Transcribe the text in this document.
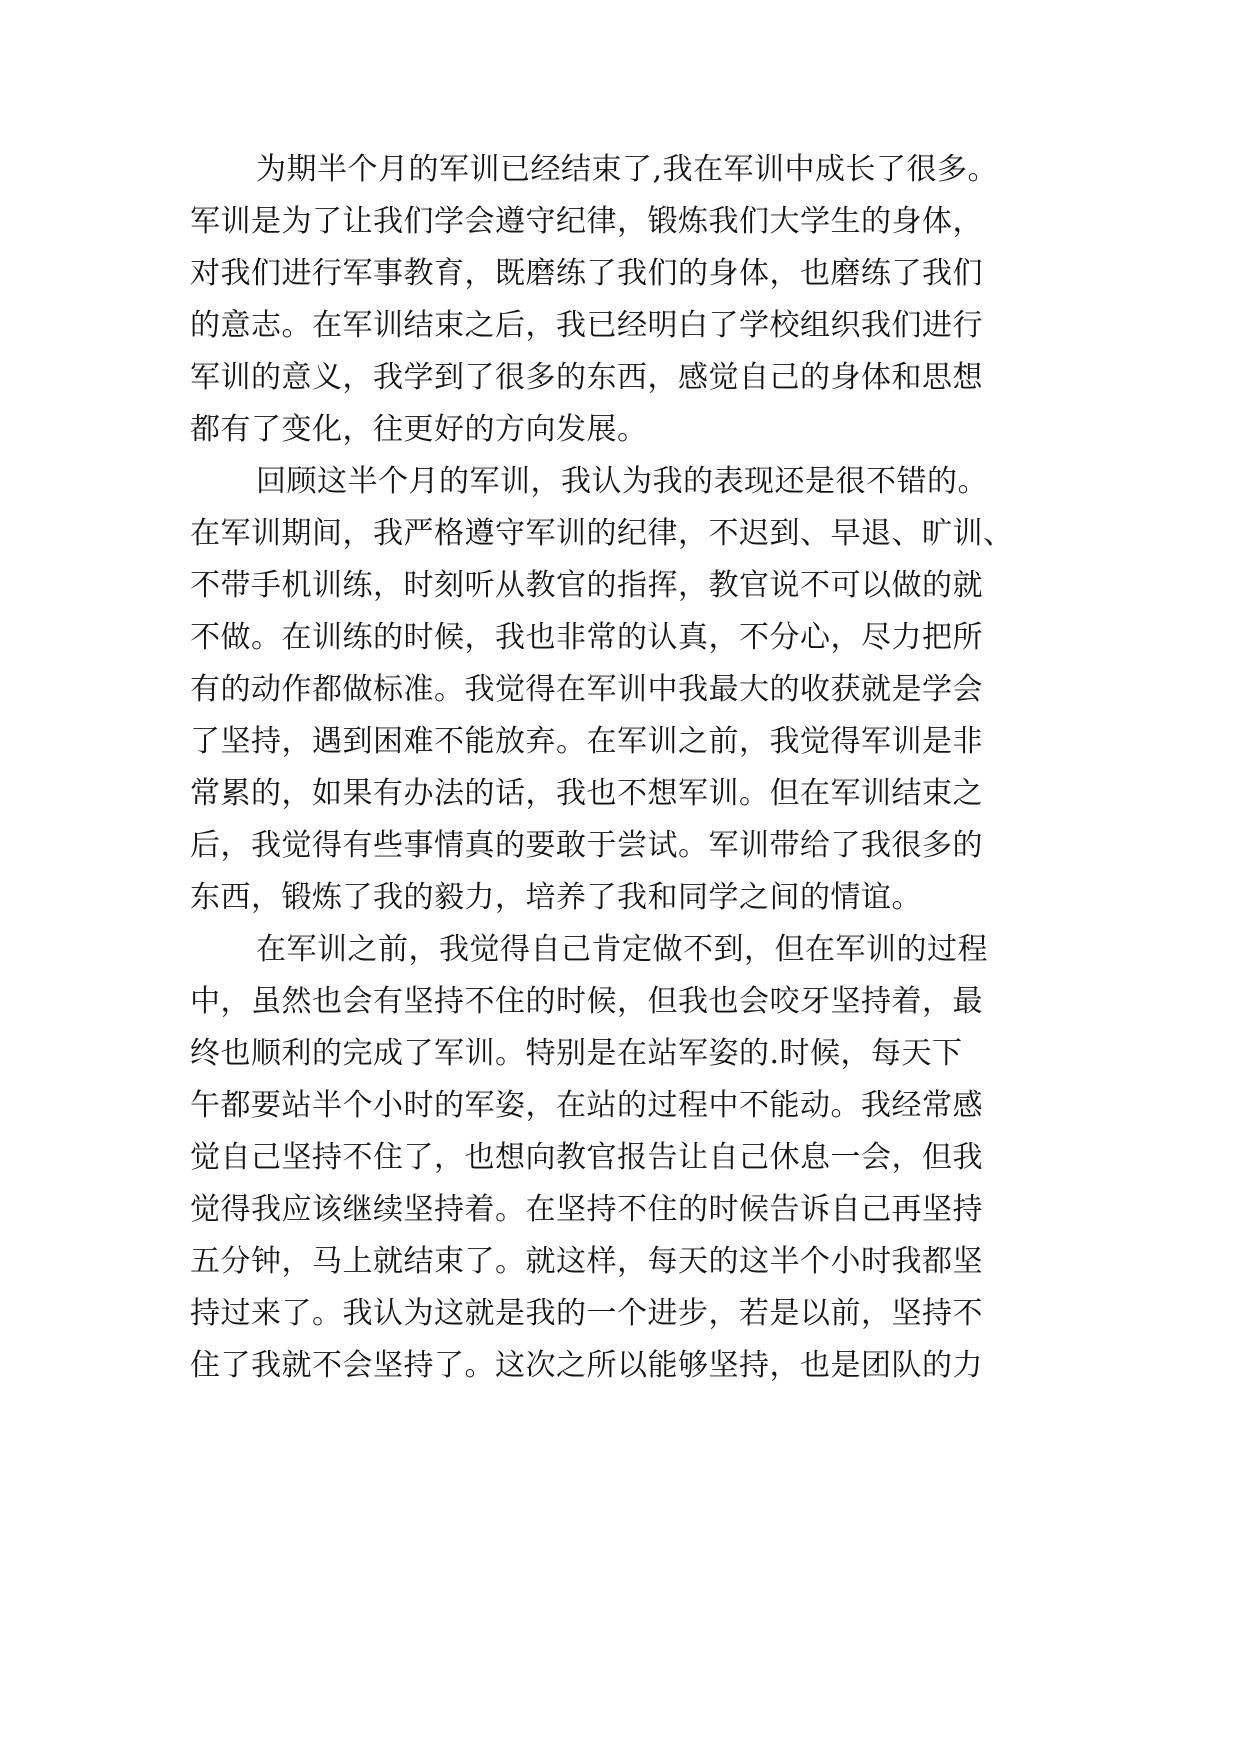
为期半个月的军训已经结束了,我在军训中成长了很多。
军训是为了让我们学会遵守纪律，锻炼我们大学生的身体，
对我们进行军事教育，既磨练了我们的身体，也磨练了我们
的意志。在军训结束之后，我已经明白了学校组织我们进行
军训的意义，我学到了很多的东西，感觉自己的身体和思想
都有了变化，往更好的方向发展。
回顾这半个月的军训，我认为我的表现还是很不错的。
在军训期间，我严格遵守军训的纪律，不迟到、早退、旷训、
不带手机训练，时刻听从教官的指挥，教官说不可以做的就
不做。在训练的时候，我也非常的认真，不分心，尽力把所
有的动作都做标准。我觉得在军训中我最大的收获就是学会
了坚持，遇到困难不能放弃。在军训之前，我觉得军训是非
常累的，如果有办法的话，我也不想军训。但在军训结束之
后，我觉得有些事情真的要敢于尝试。军训带给了我很多的
东西，锻炼了我的毅力，培养了我和同学之间的情谊。
在军训之前，我觉得自己肯定做不到，但在军训的过程
中，虽然也会有坚持不住的时候，但我也会咬牙坚持着，最
终也顺利的完成了军训。特别是在站军姿的.时候，每天下
午都要站半个小时的军姿，在站的过程中不能动。我经常感
觉自己坚持不住了，也想向教官报告让自己休息一会，但我
觉得我应该继续坚持着。在坚持不住的时候告诉自己再坚持
五分钟，马上就结束了。就这样，每天的这半个小时我都坚
持过来了。我认为这就是我的一个进步，若是以前，坚持不
住了我就不会坚持了。这次之所以能够坚持，也是团队的力
